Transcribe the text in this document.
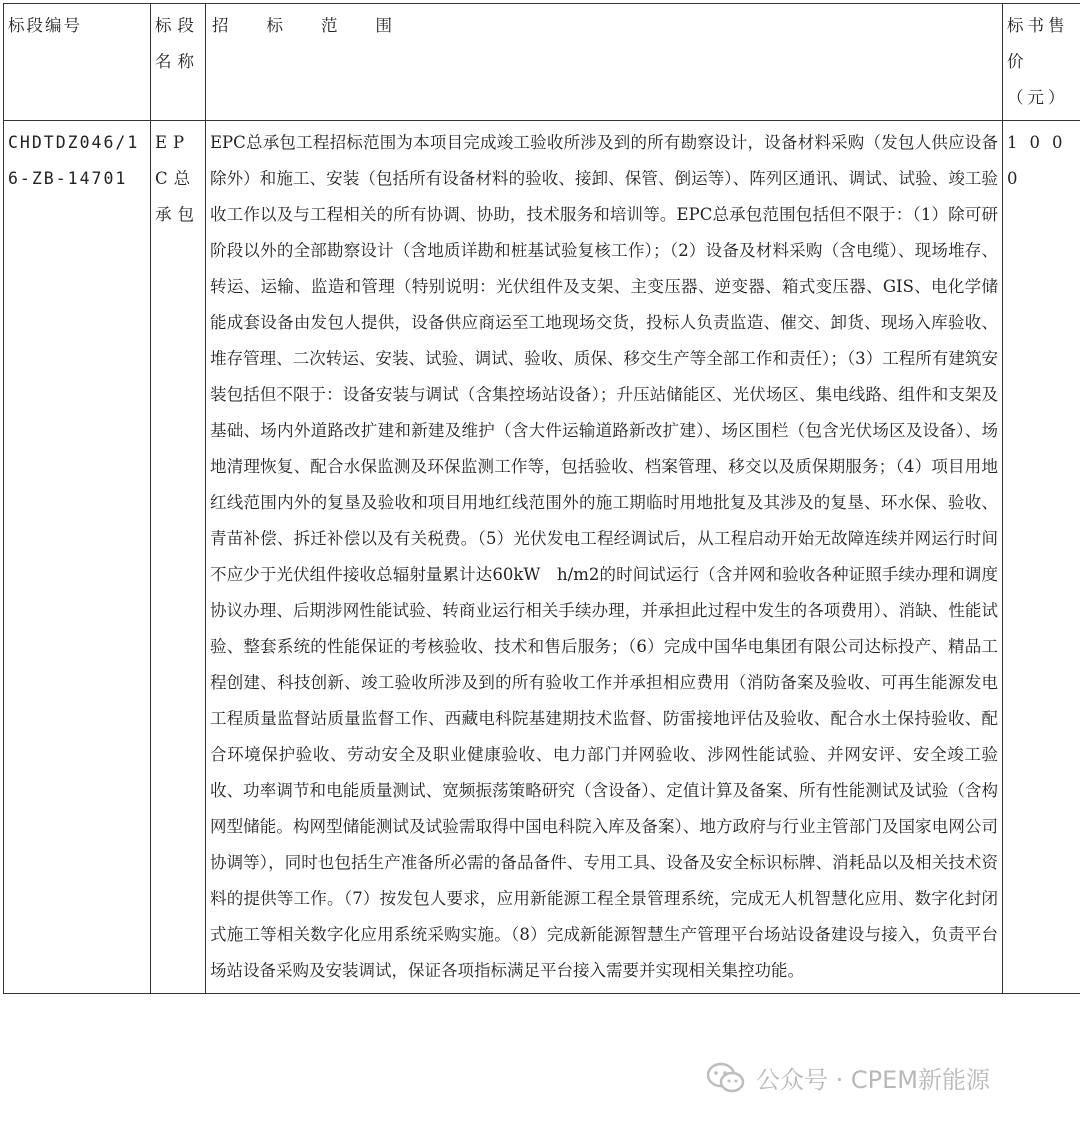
标段编号	标段名称	招标范围	标书售价（元）
CHDTDZ046/16-ZB-14701	EPC总承包	EPC总承包工程招标范围为本项目完成竣工验收所涉及到的所有勘察设计，设备材料采购（发包人供应设备除外）和施工、安装（包括所有设备材料的验收、接卸、保管、倒运等）、阵列区通讯、调试、试验、竣工验收工作以及与工程相关的所有协调、协助，技术服务和培训等。EPC总承包范围包括但不限于：（1）除可研阶段以外的全部勘察设计（含地质详勘和桩基试验复核工作）；（2）设备及材料采购（含电缆）、现场堆存、转运、运输、监造和管理（特别说明：光伏组件及支架、主变压器、逆变器、箱式变压器、GIS、电化学储能成套设备由发包人提供，设备供应商运至工地现场交货，投标人负责监造、催交、卸货、现场入库验收、堆存管理、二次转运、安装、试验、调试、验收、质保、移交生产等全部工作和责任）；（3）工程所有建筑安装包括但不限于：设备安装与调试（含集控场站设备）；升压站储能区、光伏场区、集电线路、组件和支架及基础、场内外道路改扩建和新建及维护（含大件运输道路新改扩建）、场区围栏（包含光伏场区及设备）、场地清理恢复、配合水保监测及环保监测工作等，包括验收、档案管理、移交以及质保期服务；（4）项目用地红线范围内外的复垦及验收和项目用地红线范围外的施工期临时用地批复及其涉及的复垦、环水保、验收、青苗补偿、拆迁补偿以及有关税费。（5）光伏发电工程经调试后，从工程启动开始无故障连续并网运行时间不应少于光伏组件接收总辐射量累计达60kW　h/m2的时间试运行（含并网和验收各种证照手续办理和调度协议办理、后期涉网性能试验、转商业运行相关手续办理，并承担此过程中发生的各项费用）、消缺、性能试验、整套系统的性能保证的考核验收、技术和售后服务；（6）完成中国华电集团有限公司达标投产、精品工程创建、科技创新、竣工验收所涉及到的所有验收工作并承担相应费用（消防备案及验收、可再生能源发电工程质量监督站质量监督工作、西藏电科院基建期技术监督、防雷接地评估及验收、配合水土保持验收、配合环境保护验收、劳动安全及职业健康验收、电力部门并网验收、涉网性能试验、并网安评、安全竣工验收、功率调节和电能质量测试、宽频振荡策略研究（含设备）、定值计算及备案、所有性能测试及试验（含构网型储能。构网型储能测试及试验需取得中国电科院入库及备案）、地方政府与行业主管部门及国家电网公司协调等），同时也包括生产准备所必需的备品备件、专用工具、设备及安全标识标牌、消耗品以及相关技术资料的提供等工作。（7）按发包人要求，应用新能源工程全景管理系统，完成无人机智慧化应用、数字化封闭式施工等相关数字化应用系统采购实施。（8）完成新能源智慧生产管理平台场站设备建设与接入，负责平台场站设备采购及安装调试，保证各项指标满足平台接入需要并实现相关集控功能。	1000
公众号 · CPEM新能源
